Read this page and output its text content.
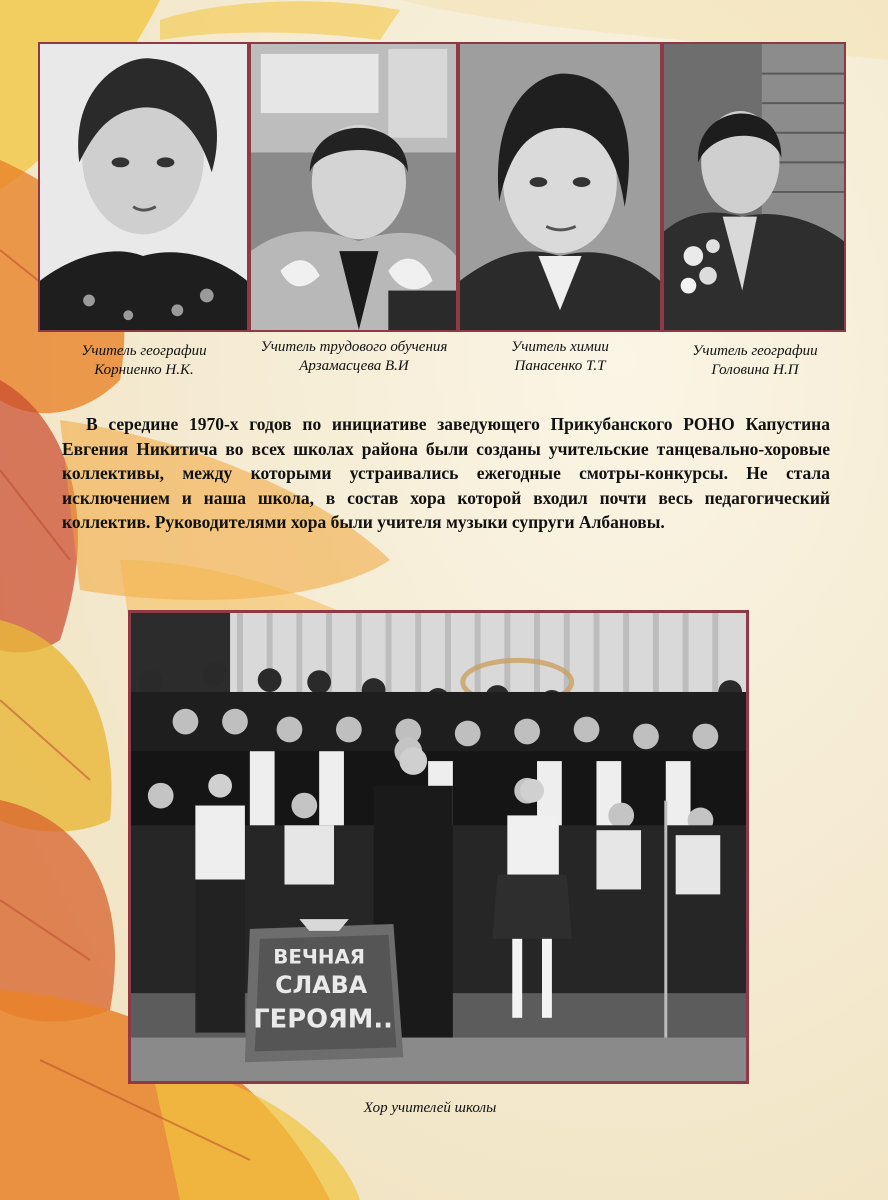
Учитель географии
Корниенко Н.К.
Учитель трудового обучения
Арзамасцева В.И
Учитель химии
Панасенко Т.Т
Учитель географии
Головина Н.П

В середине 1970-х годов по инициативе заведующего Прикубанского РОНО Капустина Евгения Никитича во всех школах района были созданы учительские танцевально-хоровые коллективы, между которыми устраивались ежегодные смотры-конкурсы. Не стала исключением и наша школа, в состав хора которой входил почти весь педагогический коллектив. Руководителями хора были учителя музыки супруги Албановы.

ВЕЧНАЯ
СЛАВА
ГЕРОЯМ..
Хор учителей школы
